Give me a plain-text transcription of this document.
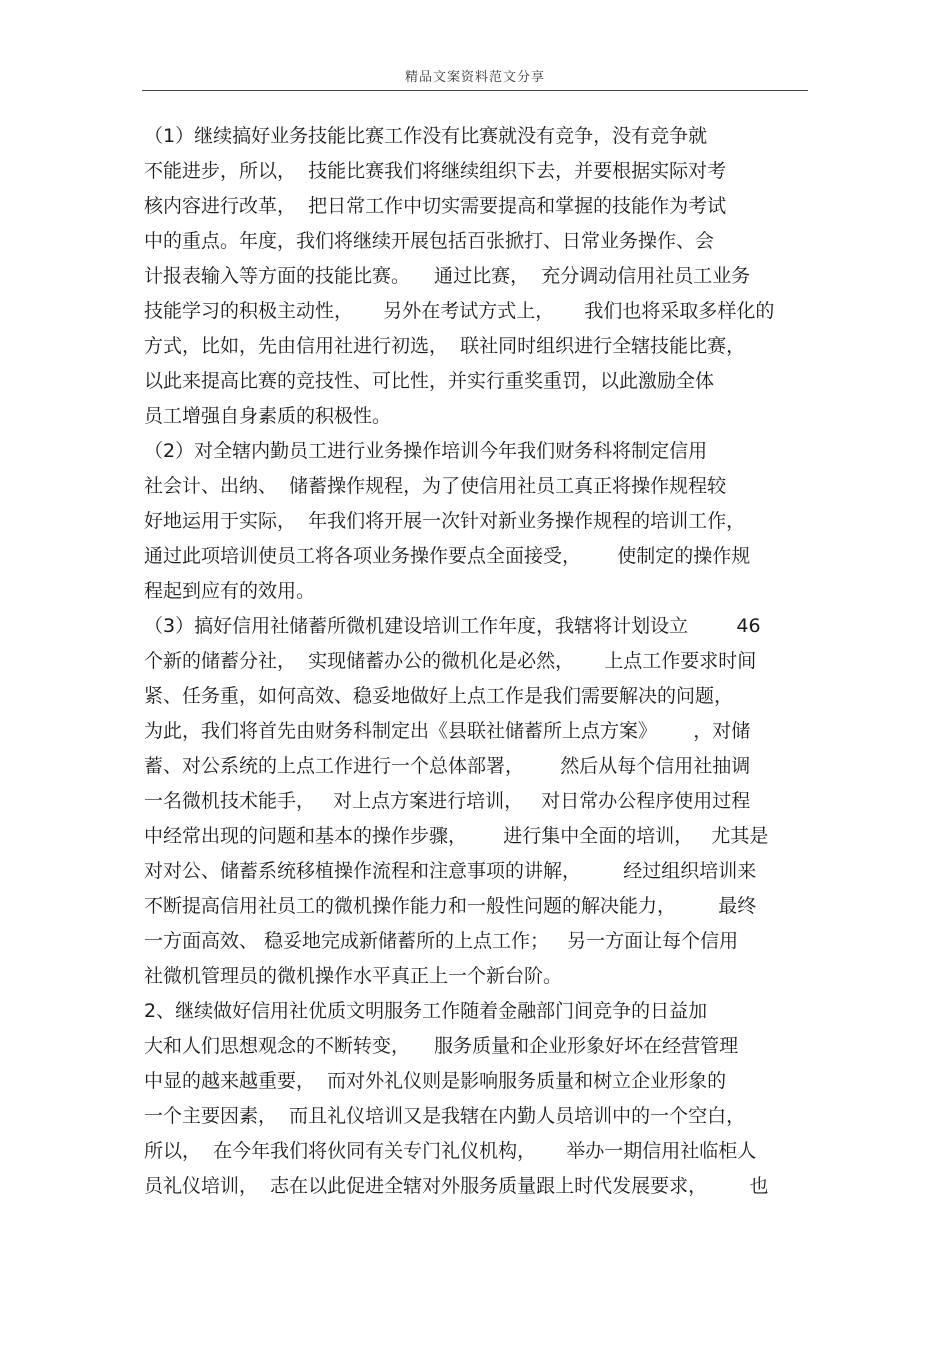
精品文案资料范文分享
（1）继续搞好业务技能比赛工作没有比赛就没有竞争，没有竞争就
不能进步，所以，  技能比赛我们将继续组织下去，并要根据实际对考
核内容进行改革，  把日常工作中切实需要提高和掌握的技能作为考试
中的重点。年度，我们将继续开展包括百张掀打、日常业务操作、会
计报表输入等方面的技能比赛。    通过比赛，  充分调动信用社员工业务
技能学习的积极主动性，     另外在考试方式上，     我们也将采取多样化的
方式，比如，先由信用社进行初选，  联社同时组织进行全辖技能比赛，
以此来提高比赛的竞技性、可比性，并实行重奖重罚，以此激励全体
员工增强自身素质的积极性。
（2）对全辖内勤员工进行业务操作培训今年我们财务科将制定信用
社会计、出纳、  储蓄操作规程，为了使信用社员工真正将操作规程较
好地运用于实际，  年我们将开展一次针对新业务操作规程的培训工作，
通过此项培训使员工将各项业务操作要点全面接受，      使制定的操作规
程起到应有的效用。
（3）搞好信用社储蓄所微机建设培训工作年度，我辖将计划设立        46
个新的储蓄分社，  实现储蓄办公的微机化是必然，     上点工作要求时间
紧、任务重，如何高效、稳妥地做好上点工作是我们需要解决的问题，
为此，我们将首先由财务科制定出《县联社储蓄所上点方案》      ，对储
蓄、对公系统的上点工作进行一个总体部署，      然后从每个信用社抽调
一名微机技术能手，   对上点方案进行培训，   对日常办公程序使用过程
中经常出现的问题和基本的操作步骤，      进行集中全面的培训，   尤其是
对对公、储蓄系统移植操作流程和注意事项的讲解，       经过组织培训来
不断提高信用社员工的微机操作能力和一般性问题的解决能力，       最终
一方面高效、 稳妥地完成新储蓄所的上点工作；   另一方面让每个信用
社微机管理员的微机操作水平真正上一个新台阶。
2、继续做好信用社优质文明服务工作随着金融部门间竞争的日益加
大和人们思想观念的不断转变，    服务质量和企业形象好坏在经营管理
中显的越来越重要，  而对外礼仪则是影响服务质量和树立企业形象的
一个主要因素，  而且礼仪培训又是我辖在内勤人员培训中的一个空白，
所以，  在今年我们将伙同有关专门礼仪机构，     举办一期信用社临柜人
员礼仪培训，  志在以此促进全辖对外服务质量跟上时代发展要求，       也
